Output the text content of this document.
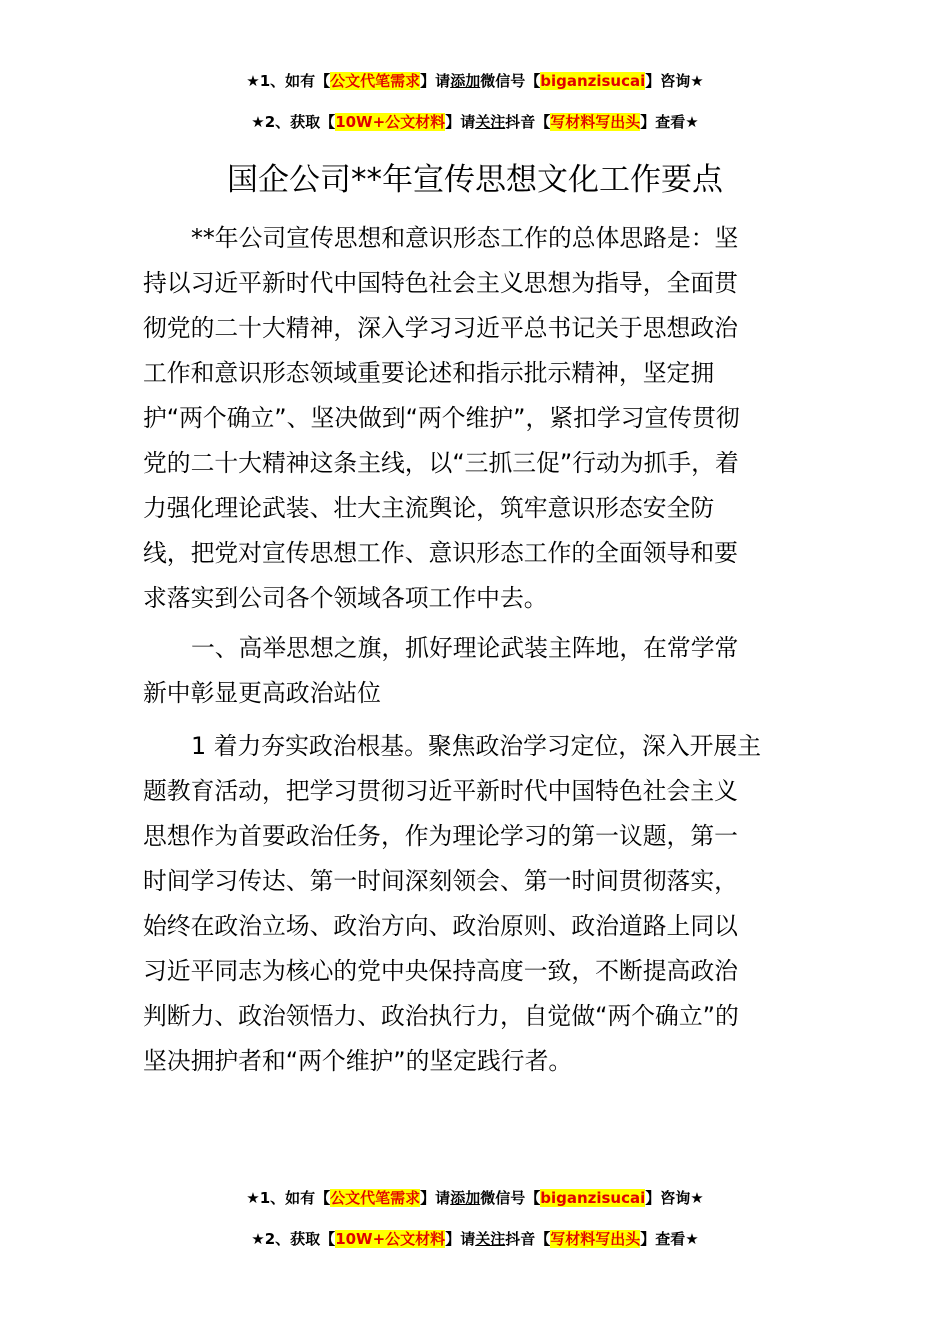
★1、如有【公文代笔需求】请添加微信号【biganzisucai】咨询★
★2、获取【10W+公文材料】请关注抖音【写材料写出头】查看★
国企公司**年宣传思想文化工作要点
**年公司宣传思想和意识形态工作的总体思路是：坚
持以习近平新时代中国特色社会主义思想为指导，全面贯
彻党的二十大精神，深入学习习近平总书记关于思想政治
工作和意识形态领域重要论述和指示批示精神，坚定拥
护“两个确立”、坚决做到“两个维护”，紧扣学习宣传贯彻
党的二十大精神这条主线，以“三抓三促”行动为抓手，着
力强化理论武装、壮大主流舆论，筑牢意识形态安全防
线，把党对宣传思想工作、意识形态工作的全面领导和要
求落实到公司各个领域各项工作中去。
一、高举思想之旗，抓好理论武装主阵地，在常学常
新中彰显更高政治站位
1 着力夯实政治根基。聚焦政治学习定位，深入开展主
题教育活动，把学习贯彻习近平新时代中国特色社会主义
思想作为首要政治任务，作为理论学习的第一议题，第一
时间学习传达、第一时间深刻领会、第一时间贯彻落实，
始终在政治立场、政治方向、政治原则、政治道路上同以
习近平同志为核心的党中央保持高度一致，不断提高政治
判断力、政治领悟力、政治执行力，自觉做“两个确立”的
坚决拥护者和“两个维护”的坚定践行者。
★1、如有【公文代笔需求】请添加微信号【biganzisucai】咨询★
★2、获取【10W+公文材料】请关注抖音【写材料写出头】查看★
